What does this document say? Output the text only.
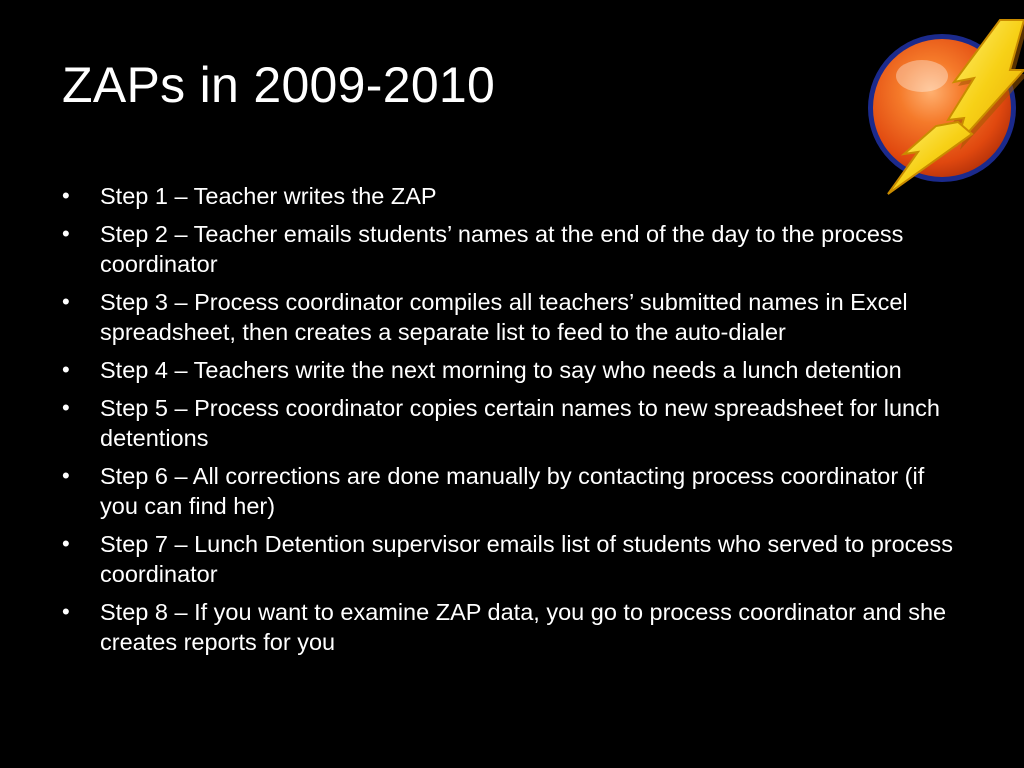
ZAPs in 2009-2010
• Step 1 – Teacher writes the ZAP
• Step 2 – Teacher emails students’ names at the end of the day to the process coordinator
• Step 3 – Process coordinator compiles all teachers’ submitted names in Excel spreadsheet, then creates a separate list to feed to the auto-dialer
• Step 4 – Teachers write the next morning to say who needs a lunch detention
• Step 5 – Process coordinator copies certain names to new spreadsheet for lunch detentions
• Step 6 – All corrections are done manually by contacting process coordinator (if you can find her)
• Step 7 – Lunch Detention supervisor emails list of students who served to process coordinator
• Step 8 – If you want to examine ZAP data, you go to process coordinator and she creates reports for you
